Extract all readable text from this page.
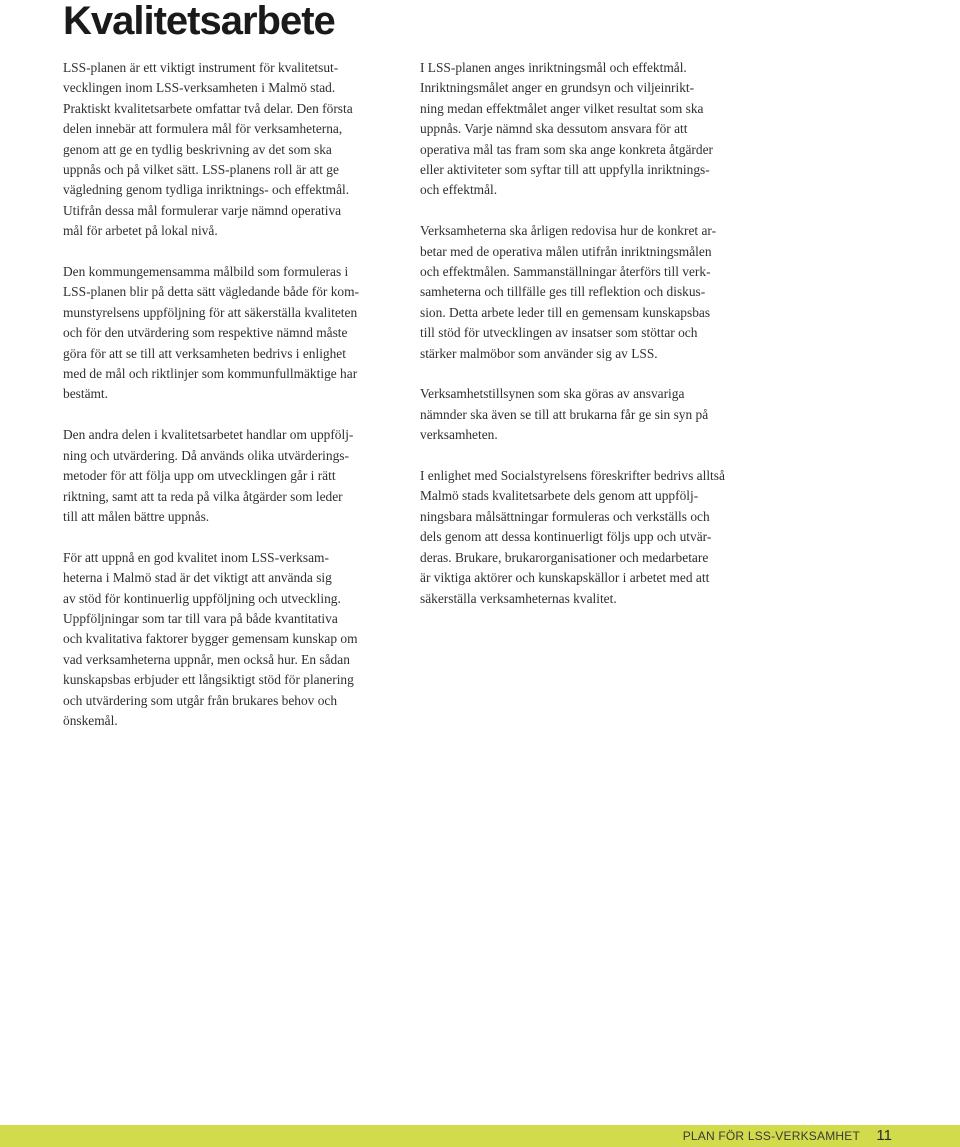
Kvalitetsarbete

LSS-planen är ett viktigt instrument för kvalitetsut-
vecklingen inom LSS-verksamheten i Malmö stad.
Praktiskt kvalitetsarbete omfattar två delar. Den första
delen innebär att formulera mål för verksamheterna,
genom att ge en tydlig beskrivning av det som ska
uppnås och på vilket sätt. LSS-planens roll är att ge
vägledning genom tydliga inriktnings- och effektmål.
Utifrån dessa mål formulerar varje nämnd operativa
mål för arbetet på lokal nivå.

Den kommungemensamma målbild som formuleras i
LSS-planen blir på detta sätt vägledande både för kom-
munstyrelsens uppföljning för att säkerställa kvaliteten
och för den utvärdering som respektive nämnd måste
göra för att se till att verksamheten bedrivs i enlighet
med de mål och riktlinjer som kommunfullmäktige har
bestämt.

Den andra delen i kvalitetsarbetet handlar om uppfölj-
ning och utvärdering. Då används olika utvärderings-
metoder för att följa upp om utvecklingen går i rätt
riktning, samt att ta reda på vilka åtgärder som leder
till att målen bättre uppnås.

För att uppnå en god kvalitet inom LSS-verksam-
heterna i Malmö stad är det viktigt att använda sig
av stöd för kontinuerlig uppföljning och utveckling.
Uppföljningar som tar till vara på både kvantitativa
och kvalitativa faktorer bygger gemensam kunskap om
vad verksamheterna uppnår, men också hur. En sådan
kunskapsbas erbjuder ett långsiktigt stöd för planering
och utvärdering som utgår från brukares behov och
önskemål.

I LSS-planen anges inriktningsmål och effektmål.
Inriktningsmålet anger en grundsyn och viljeinrikt-
ning medan effektmålet anger vilket resultat som ska
uppnås. Varje nämnd ska dessutom ansvara för att
operativa mål tas fram som ska ange konkreta åtgärder
eller aktiviteter som syftar till att uppfylla inriktnings-
och effektmål.

Verksamheterna ska årligen redovisa hur de konkret ar-
betar med de operativa målen utifrån inriktningsmålen
och effektmålen. Sammanställningar återförs till verk-
samheterna och tillfälle ges till reflektion och diskus-
sion. Detta arbete leder till en gemensam kunskapsbas
till stöd för utvecklingen av insatser som stöttar och
stärker malmöbor som använder sig av LSS.

Verksamhetstillsynen som ska göras av ansvariga
nämnder ska även se till att brukarna får ge sin syn på
verksamheten.

I enlighet med Socialstyrelsens föreskrifter bedrivs alltså
Malmö stads kvalitetsarbete dels genom att uppfölj-
ningsbara målsättningar formuleras och verkställs och
dels genom att dessa kontinuerligt följs upp och utvär-
deras. Brukare, brukarorganisationer och medarbetare
är viktiga aktörer och kunskapskällor i arbetet med att
säkerställa verksamheternas kvalitet.

PLAN FÖR LSS-VERKSAMHET 11
